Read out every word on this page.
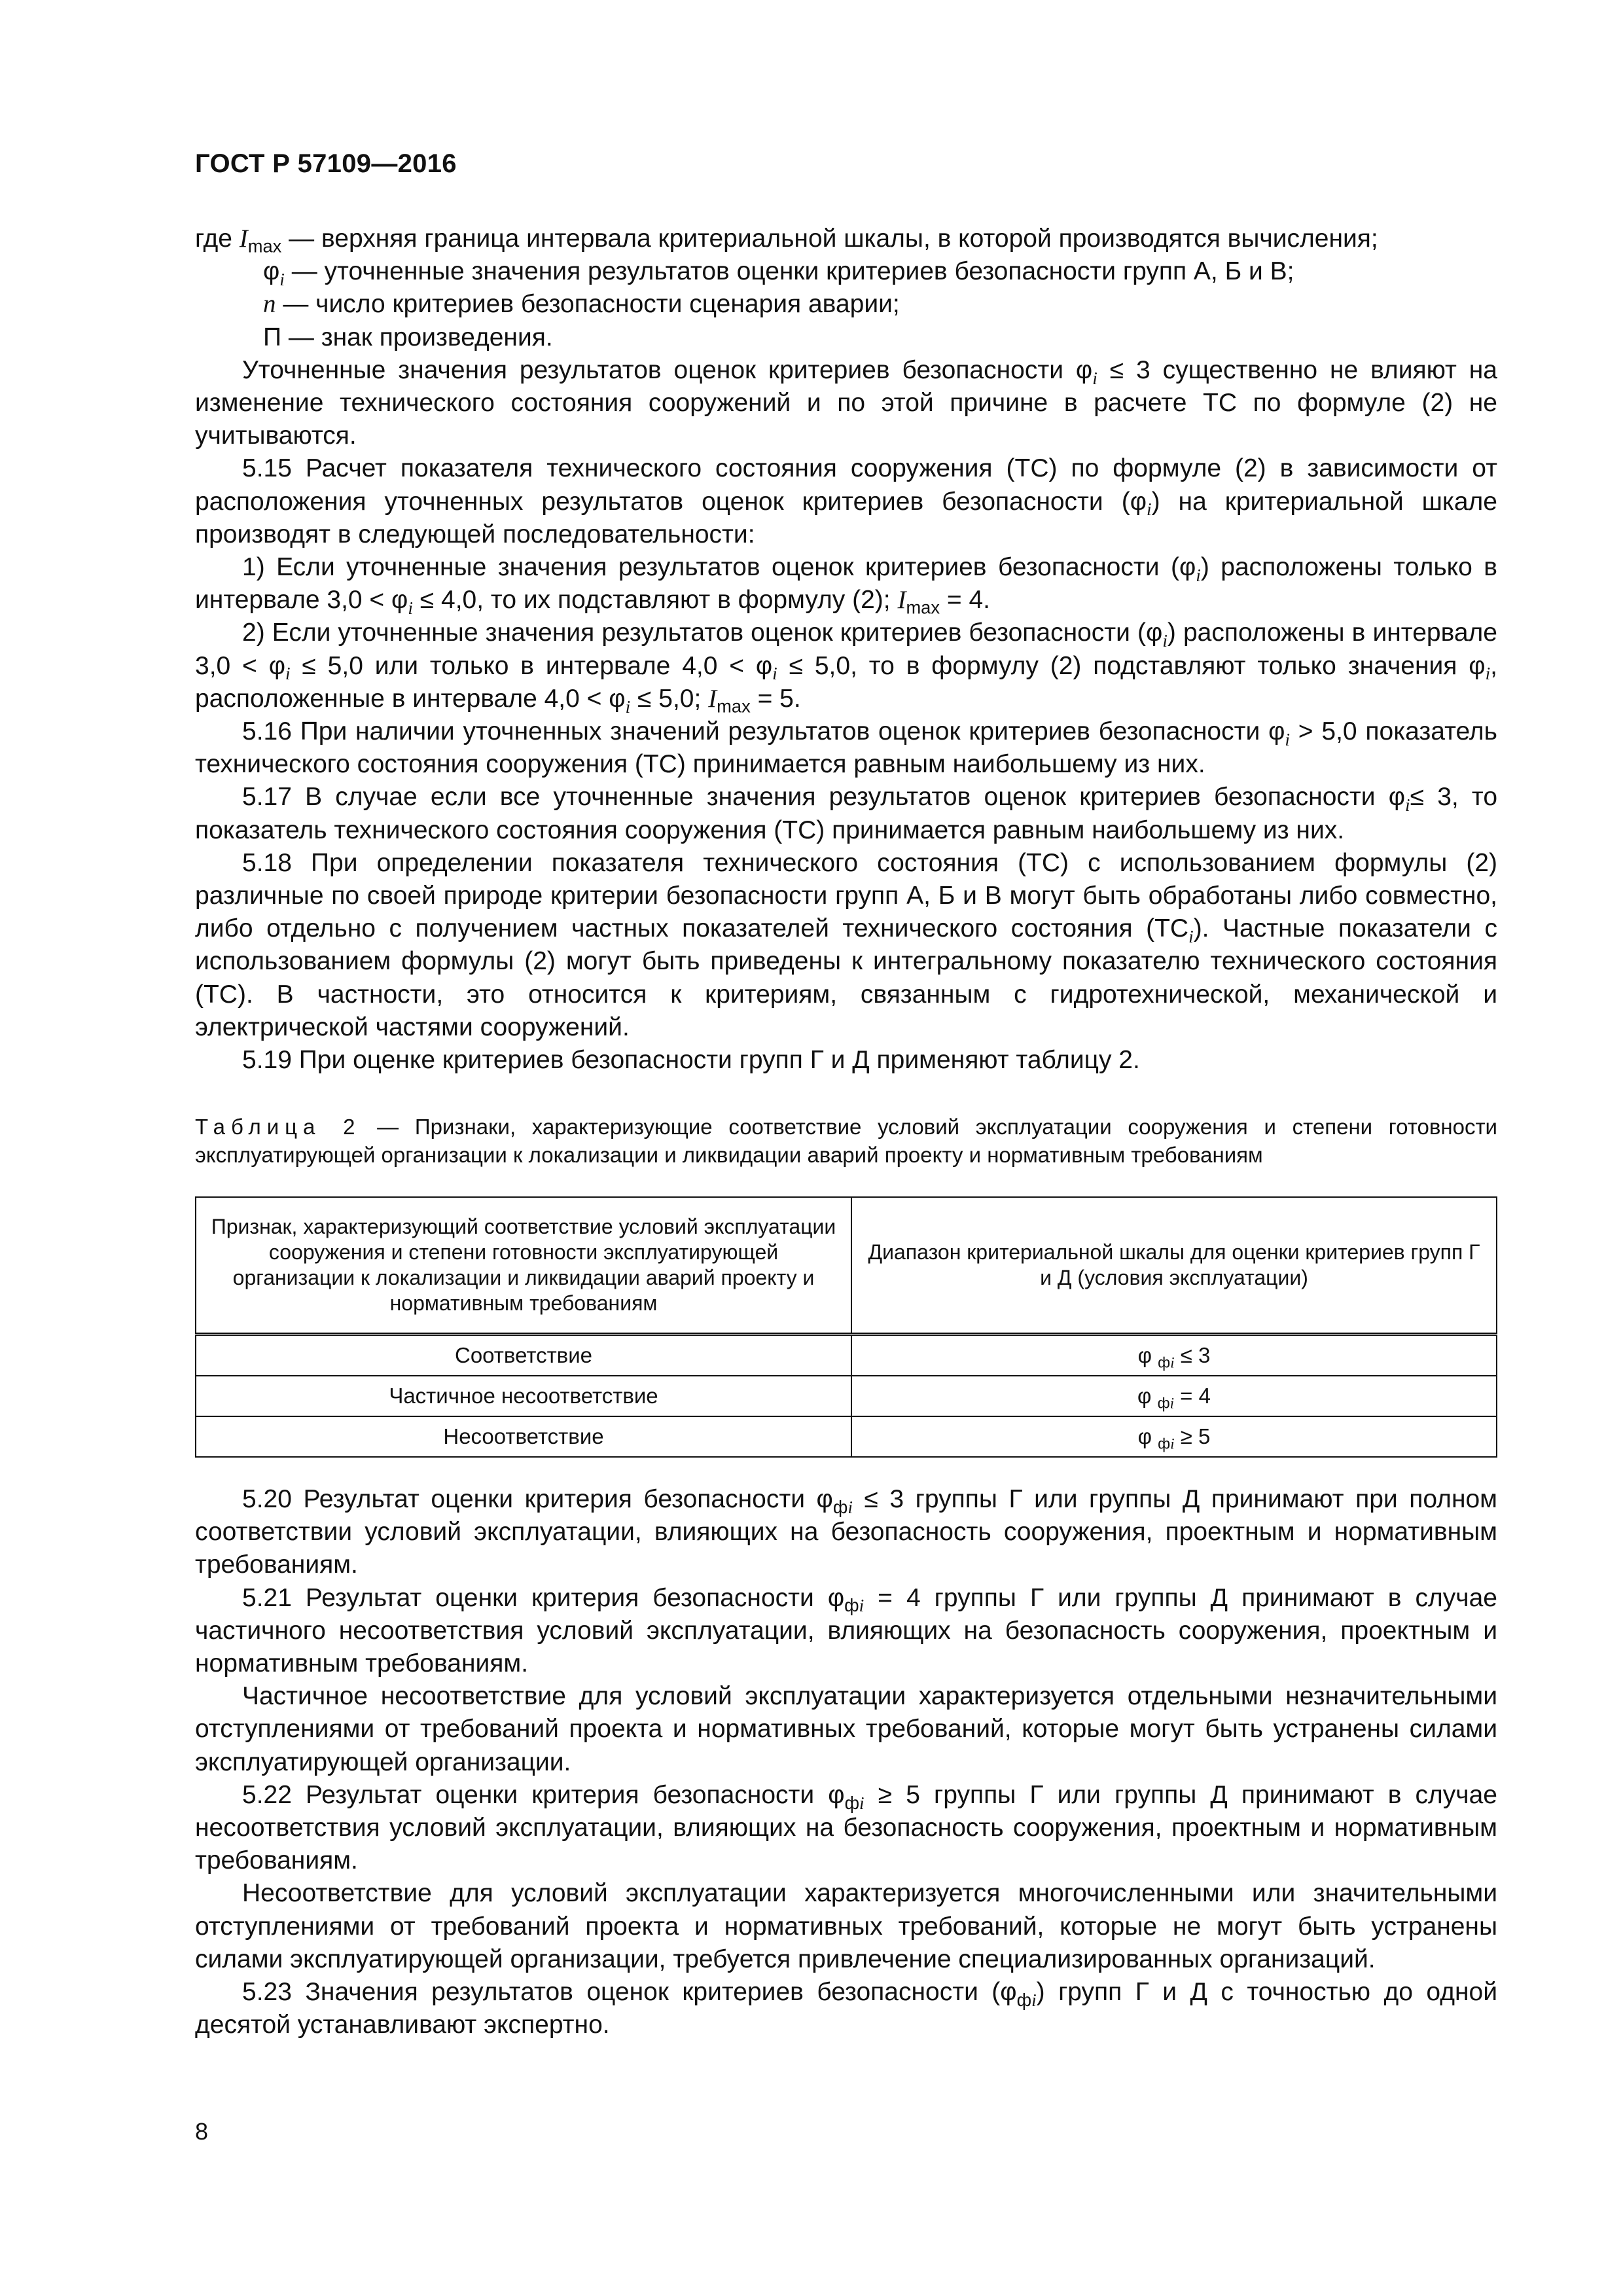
ГОСТ Р 57109—2016

где $I_{max}$ — верхняя граница интервала критериальной шкалы, в которой производятся вычисления;

$\varphi_i$ — уточненные значения результатов оценки критериев безопасности групп А, Б и В;

n — число критериев безопасности сценария аварии;

П — знак произведения.

Уточненные значения результатов оценок критериев безопасности $\varphi_i \le 3$ существенно не влияют на изменение технического состояния сооружений и по этой причине в расчете ТС по формуле (2) не учитываются.

5.15 Расчет показателя технического состояния сооружения (ТС) по формуле (2) в зависимости от расположения уточненных результатов оценок критериев безопасности $(\varphi_i)$ на критериальной шкале производят в следующей последовательности:

1) Если уточненные значения результатов оценок критериев безопасности $(\varphi_i)$ расположены только в интервале $3,0 < \varphi_i \le 4,0$, то их подставляют в формулу (2); $I_{max} = 4$.

2) Если уточненные значения результатов оценок критериев безопасности $(\varphi_i)$ расположены в интервале $3,0 < \varphi_i \le 5,0$ или только в интервале $4,0 < \varphi_i \le 5,0$, то в формулу (2) подставляют только значения $\varphi_i$, расположенные в интервале $4,0 < \varphi_i \le 5,0$; $I_{max} = 5$.

5.16 При наличии уточненных значений результатов оценок критериев безопасности $\varphi_i > 5,0$ показатель технического состояния сооружения (ТС) принимается равным наибольшему из них.

5.17 В случае если все уточненные значения результатов оценок критериев безопасности $\varphi_i\le 3$, то показатель технического состояния сооружения (ТС) принимается равным наибольшему из них.

5.18 При определении показателя технического состояния (ТС) с использованием формулы (2) различные по своей природе критерии безопасности групп А, Б и В могут быть обработаны либо совместно, либо отдельно с получением частных показателей технического состояния $(ТС_i)$. Частные показатели с использованием формулы (2) могут быть приведены к интегральному показателю технического состояния (ТС). В частности, это относится к критериям, связанным с гидротехнической, механической и электрической частями сооружений.

5.19 При оценке критериев безопасности групп Г и Д применяют таблицу 2.

Таблица 2 — Признаки, характеризующие соответствие условий эксплуатации сооружения и степени готовности эксплуатирующей организации к локализации и ликвидации аварий проекту и нормативным требованиям
Признак, характеризующий соответствие условий эксплуатации сооружения и степени готовности эксплуатирующей организации к локализации и ликвидации аварий проекту и нормативным требованиям	Диапазон критериальной шкалы для оценки критериев групп Г и Д (условия эксплуатации)
Соответствие	φ $_{фi}$ ≤ 3
Частичное несоответствие	φ $_{фi}$ = 4
Несоответствие	φ $_{фi}$ ≥ 5

5.20 Результат оценки критерия безопасности $\varphi_{фi} \le 3$ группы Г или группы Д принимают при полном соответствии условий эксплуатации, влияющих на безопасность сооружения, проектным и нормативным требованиям.

5.21 Результат оценки критерия безопасности $\varphi_{фi} = 4$ группы Г или группы Д принимают в случае частичного несоответствия условий эксплуатации, влияющих на безопасность сооружения, проектным и нормативным требованиям.

Частичное несоответствие для условий эксплуатации характеризуется отдельными незначительными отступлениями от требований проекта и нормативных требований, которые могут быть устранены силами эксплуатирующей организации.

5.22 Результат оценки критерия безопасности $\varphi_{фi} \ge 5$ группы Г или группы Д принимают в случае несоответствия условий эксплуатации, влияющих на безопасность сооружения, проектным и нормативным требованиям.

Несоответствие для условий эксплуатации характеризуется многочисленными или значительными отступлениями от требований проекта и нормативных требований, которые не могут быть устранены силами эксплуатирующей организации, требуется привлечение специализированных организаций.

5.23 Значения результатов оценок критериев безопасности $(\varphi_{фi})$ групп Г и Д с точностью до одной десятой устанавливают экспертно.

8
